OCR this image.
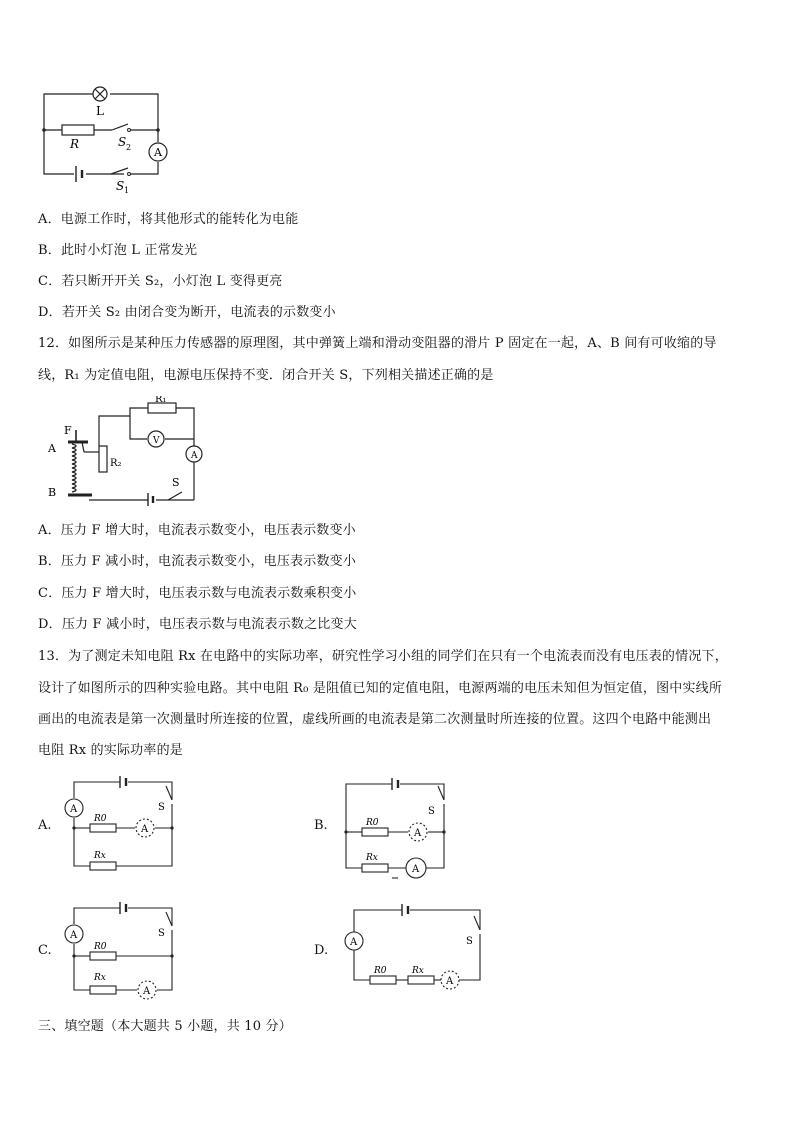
A
L
R	S 2
S 1
A．电源工作时，将其他形式的能转化为电能
B．此时小灯泡 L 正常发光
C．若只断开开关 S₂，小灯泡 L 变得更亮
D．若开关 S₂ 由闭合变为断开，电流表的示数变小
12．如图所示是某种压力传感器的原理图，其中弹簧上端和滑动变阻器的滑片 P 固定在一起，A、B 间有可收缩的导
线，R₁ 为定值电阻，电源电压保持不变．闭合开关 S，下列相关描述正确的是
V
A
R₁
R₂
F
A
B
S
A．压力 F 增大时，电流表示数变小，电压表示数变小
B．压力 F 减小时，电流表示数变小，电压表示数变小
C．压力 F 增大时，电压表示数与电流表示数乘积变小
D．压力 F 减小时，电压表示数与电流表示数之比变大
13．为了测定未知电阻 Rx 在电路中的实际功率，研究性学习小组的同学们在只有一个电流表而没有电压表的情况下，
设计了如图所示的四种实验电路。其中电阻 R₀ 是阻值已知的定值电阻，电源两端的电压未知但为恒定值，图中实线所
画出的电流表是第一次测量时所连接的位置，虚线所画的电流表是第二次测量时所连接的位置。这四个电路中能测出
电阻 Rx 的实际功率的是
A.
A
A
R0
Rx
S
B.
A
A
R0
Rx
S
C.
A
A
R0
Rx
S
D.
A
A
R0	Rx
S
三、填空题（本大题共 5 小题，共 10 分）
